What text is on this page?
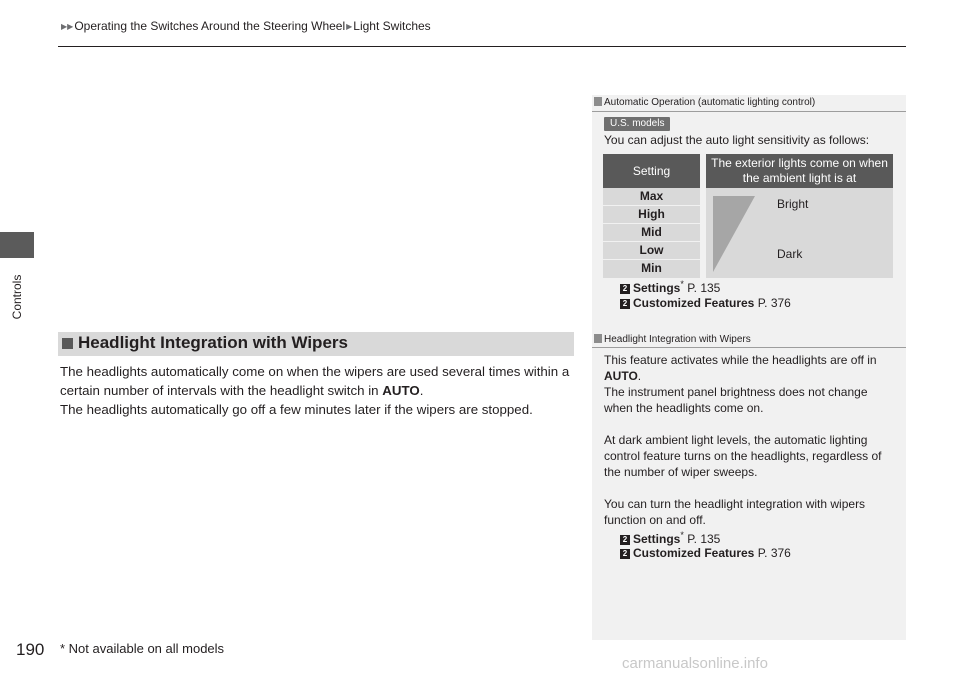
Controls
▶▶Operating the Switches Around the Steering Wheel▶Light Switches
Automatic Operation (automatic lighting control)
U.S. models
You can adjust the auto light sensitivity as follows:
Setting	The exterior lights come on when the ambient light is at
Max	Bright
Dark

High	
Mid	
Low	
Min	
2 Settings* P. 135
2 Customized Features P. 376
Headlight Integration with Wipers
The headlights automatically come on when the wipers are used several times within a certain number of intervals with the headlight switch in AUTO.
The headlights automatically go off a few minutes later if the wipers are stopped.
Headlight Integration with Wipers
This feature activates while the headlights are off in AUTO.
The instrument panel brightness does not change when the headlights come on.
At dark ambient light levels, the automatic lighting control feature turns on the headlights, regardless of the number of wiper sweeps.
You can turn the headlight integration with wipers function on and off.
2 Settings* P. 135
2 Customized Features P. 376
190 * Not available on all models
carmanualsonline.info
